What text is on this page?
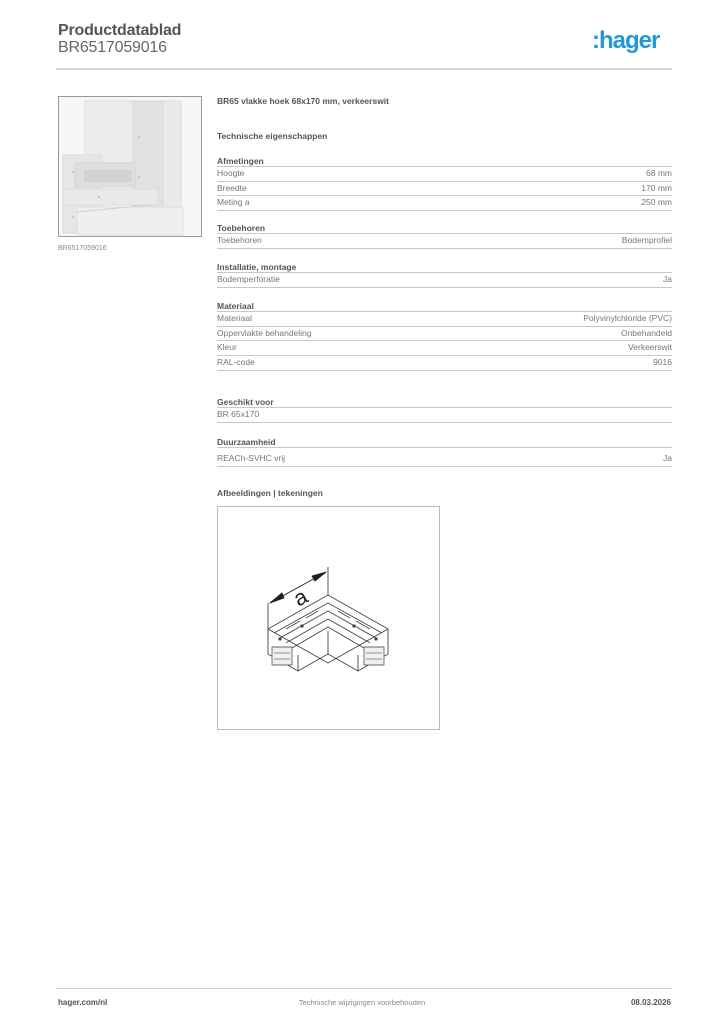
Productdatablad
BR6517059016	:hager
BR6517059016
BR65 vlakke hoek 68x170 mm, verkeerswit
Technische eigenschappen
Afmetingen
Hoogte	68 mm
Breedte	170 mm
Meting a	250 mm
Toebehoren
Toebehoren	Bodemprofiel
Installatie, montage
Bodemperforatie	Ja
Materiaal
Materiaal	Polyvinylchloride (PVC)
Oppervlakte behandeling	Onbehandeld
Kleur	Verkeerswit
RAL-code	9016
Geschikt voor
BR 65x170
Duurzaamheid
REACh-SVHC vrij	Ja
Afbeeldingen | tekeningen
a
hager.com/nl	Technische wijzigingen voorbehouden	08.03.2026
